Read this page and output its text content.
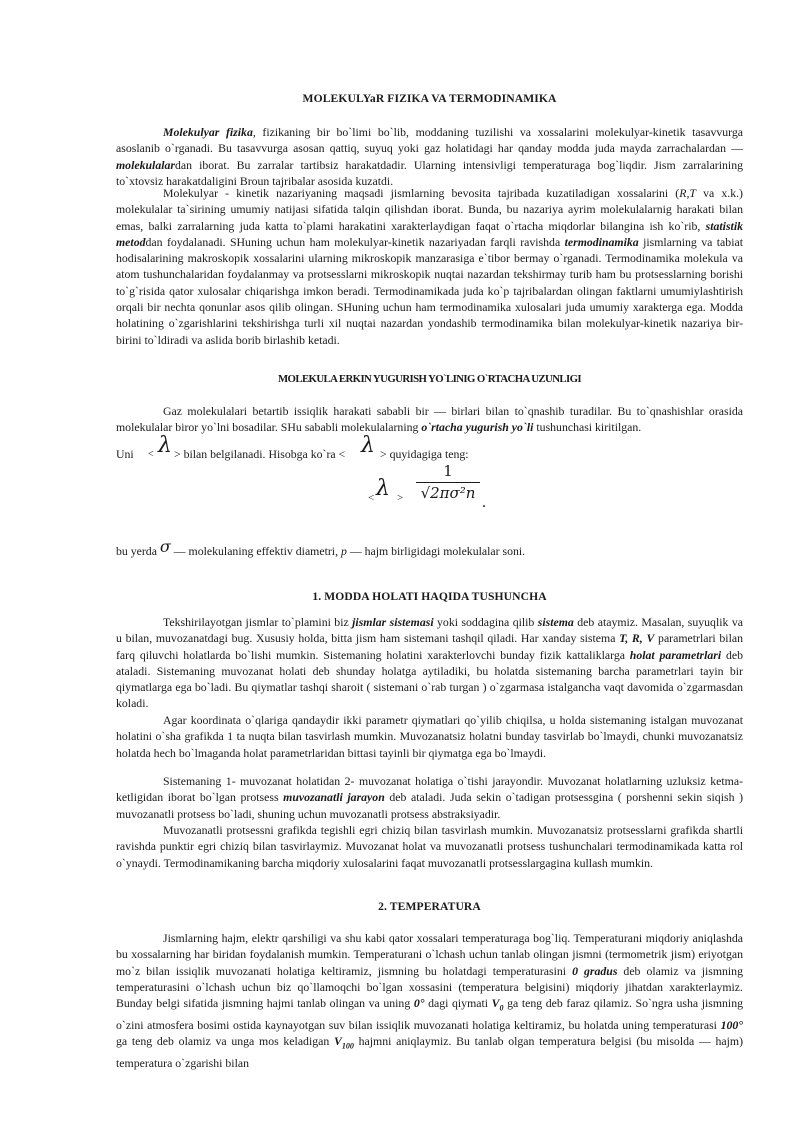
MOLEKULYaR FIZIKA VA TERMODINAMIKA

Molekulyar fizika, fizikaning bir bo`limi bo`lib, moddaning tuzilishi va xossalarini molekulyar-kinetik tasavvurga asoslanib o`rganadi. Bu tasavvurga asosan qattiq, suyuq yoki gaz holatidagi har qanday modda juda mayda zarrachalardan — molekulalardan iborat. Bu zarralar tartibsiz harakatdadir. Ularning intensivligi temperaturaga bog`liqdir. Jism zarralarining to`xtovsiz harakatdaligini Broun tajribalar asosida kuzatdi.

Molekulyar - kinetik nazariyaning maqsadi jismlarning bevosita tajribada kuzatiladigan xossalarini (R,T va x.k.) molekulalar ta`sirining umumiy natijasi sifatida talqin qilishdan iborat. Bunda, bu nazariya ayrim molekulalarnig harakati bilan emas, balki zarralarning juda katta to`plami harakatini xarakterlaydigan faqat o`rtacha miqdorlar bilangina ish ko`rib, statistik metoddan foydalanadi. SHuning uchun ham molekulyar-kinetik nazariyadan farqli ravishda termodinamika jismlarning va tabiat hodisalarining makroskopik xossalarini ularning mikroskopik manzarasiga e`tibor bermay o`rganadi. Termodinamika molekula va atom tushunchalaridan foydalanmay va protsesslarni mikroskopik nuqtai nazardan tekshirmay turib ham bu protsesslarning borishi to`g`risida qator xulosalar chiqarishga imkon beradi. Termodinamikada juda ko`p tajribalardan olingan faktlarni umumiylashtirish orqali bir nechta qonunlar asos qilib olingan. SHuning uchun ham termodinamika xulosalari juda umumiy xarakterga ega. Modda holatining o`zgarishlarini tekshirishga turli xil nuqtai nazardan yondashib termodinamika bilan molekulyar-kinetik nazariya bir-birini to`ldiradi va aslida borib birlashib ketadi.

MOLEKULA ERKIN YUGURISH YO`LINIG O`RTACHA UZUNLIGI

Gaz molekulalari betartib issiqlik harakati sababli bir — birlari bilan to`qnashib turadilar. Bu to`qnashishlar orasida molekulalar biror yo`lni bosadilar. SHu sababli molekulalarning o`rtacha yugurish yo`li tushunchasi kiritilgan.

Uni < λ > bilan belgilanadi. Hisobga ko`ra < λ > quyidagiga teng:
< λ >
1
√2πσ²n
.
bu yerda σ — molekulaning effektiv diametri, p — hajm birligidagi molekulalar soni.
1. MODDA HOLATI HAQIDA TUSHUNCHA

Tekshirilayotgan jismlar to`plamini biz jismlar sistemasi yoki soddagina qilib sistema deb ataymiz. Masalan, suyuqlik va u bilan, muvozanatdagi bug. Xususiy holda, bitta jism ham sistemani tashqil qiladi. Har xanday sistema T, R, V parametrlari bilan farq qiluvchi holatlarda bo`lishi mumkin. Sistemaning holatini xarakterlovchi bunday fizik kattaliklarga holat parametrlari deb ataladi. Sistemaning muvozanat holati deb shunday holatga aytiladiki, bu holatda sistemaning barcha parametrlari tayin bir qiymatlarga ega bo`ladi. Bu qiymatlar tashqi sharoit ( sistemani o`rab turgan ) o`zgarmasa istalgancha vaqt davomida o`zgarmasdan koladi.

Agar koordinata o`qlariga qandaydir ikki parametr qiymatlari qo`yilib chiqilsa, u holda sistemaning istalgan muvozanat holatini o`sha grafikda 1 ta nuqta bilan tasvirlash mumkin. Muvozanatsiz holatni bunday tasvirlab bo`lmaydi, chunki muvozanatsiz holatda hech bo`lmaganda holat parametrlaridan bittasi tayinli bir qiymatga ega bo`lmaydi.

Sistemaning 1- muvozanat holatidan 2- muvozanat holatiga o`tishi jarayondir. Muvozanat holatlarning uzluksiz ketma-ketligidan iborat bo`lgan protsess muvozanatli jarayon deb ataladi. Juda sekin o`tadigan protsessgina ( porshenni sekin siqish ) muvozanatli protsess bo`ladi, shuning uchun muvozanatli protsess abstraksiyadir.

Muvozanatli protsessni grafikda tegishli egri chiziq bilan tasvirlash mumkin. Muvozanatsiz protsesslarni grafikda shartli ravishda punktir egri chiziq bilan tasvirlaymiz. Muvozanat holat va muvozanatli protsess tushunchalari termodinamikada katta rol o`ynaydi. Termodinamikaning barcha miqdoriy xulosalarini faqat muvozanatli protsesslargagina kullash mumkin.

2. TEMPERATURA

Jismlarning hajm, elektr qarshiligi va shu kabi qator xossalari temperaturaga bog`liq. Temperaturani miqdoriy aniqlashda bu xossalarning har biridan foydalanish mumkin. Temperaturani o`lchash uchun tanlab olingan jismni (termometrik jism) eriyotgan mo`z bilan issiqlik muvozanati holatiga keltiramiz, jismning bu holatdagi temperaturasini 0 gradus deb olamiz va jismning temperaturasini o`lchash uchun biz qo`llamoqchi bo`lgan xossasini (temperatura belgisini) miqdoriy jihatdan xarakterlaymiz. Bunday belgi sifatida jismning hajmi tanlab olingan va uning 0° dagi qiymati $V_0$ ga teng deb faraz qilamiz. So`ngra usha jismning o`zini atmosfera bosimi ostida kaynayotgan suv bilan issiqlik muvozanati holatiga keltiramiz, bu holatda uning temperaturasi 100° ga teng deb olamiz va unga mos keladigan $V_{100}$ hajmni aniqlaymiz. Bu tanlab olgan temperatura belgisi (bu misolda — hajm) temperatura o`zgarishi bilan
